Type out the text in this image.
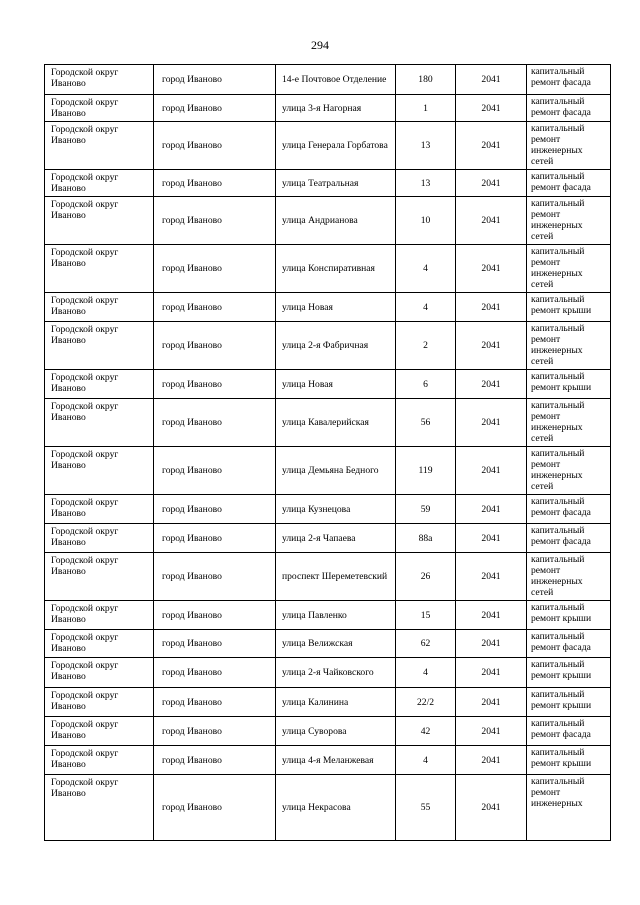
294
Городской округ Иваново	город Иваново	14-е Почтовое Отделение	180	2041	капитальный ремонт фасада
Городской округ Иваново	город Иваново	улица 3-я Нагорная	1	2041	капитальный ремонт фасада
Городской округ Иваново	город Иваново	улица Генерала Горбатова	13	2041	капитальный ремонт инженерных сетей
Городской округ Иваново	город Иваново	улица Театральная	13	2041	капитальный ремонт фасада
Городской округ Иваново	город Иваново	улица Андрианова	10	2041	капитальный ремонт инженерных сетей
Городской округ Иваново	город Иваново	улица Конспиративная	4	2041	капитальный ремонт инженерных сетей
Городской округ Иваново	город Иваново	улица Новая	4	2041	капитальный ремонт крыши
Городской округ Иваново	город Иваново	улица 2-я Фабричная	2	2041	капитальный ремонт инженерных сетей
Городской округ Иваново	город Иваново	улица Новая	6	2041	капитальный ремонт крыши
Городской округ Иваново	город Иваново	улица Кавалерийская	56	2041	капитальный ремонт инженерных сетей
Городской округ Иваново	город Иваново	улица Демьяна Бедного	119	2041	капитальный ремонт инженерных сетей
Городской округ Иваново	город Иваново	улица Кузнецова	59	2041	капитальный ремонт фасада
Городской округ Иваново	город Иваново	улица 2-я Чапаева	88а	2041	капитальный ремонт фасада
Городской округ Иваново	город Иваново	проспект Шереметевский	26	2041	капитальный ремонт инженерных сетей
Городской округ Иваново	город Иваново	улица Павленко	15	2041	капитальный ремонт крыши
Городской округ Иваново	город Иваново	улица Велижская	62	2041	капитальный ремонт фасада
Городской округ Иваново	город Иваново	улица 2-я Чайковского	4	2041	капитальный ремонт крыши
Городской округ Иваново	город Иваново	улица Калинина	22/2	2041	капитальный ремонт крыши
Городской округ Иваново	город Иваново	улица Суворова	42	2041	капитальный ремонт фасада
Городской округ Иваново	город Иваново	улица 4-я Меланжевая	4	2041	капитальный ремонт крыши
Городской округ Иваново	город Иваново	улица Некрасова	55	2041	капитальный ремонт инженерных
